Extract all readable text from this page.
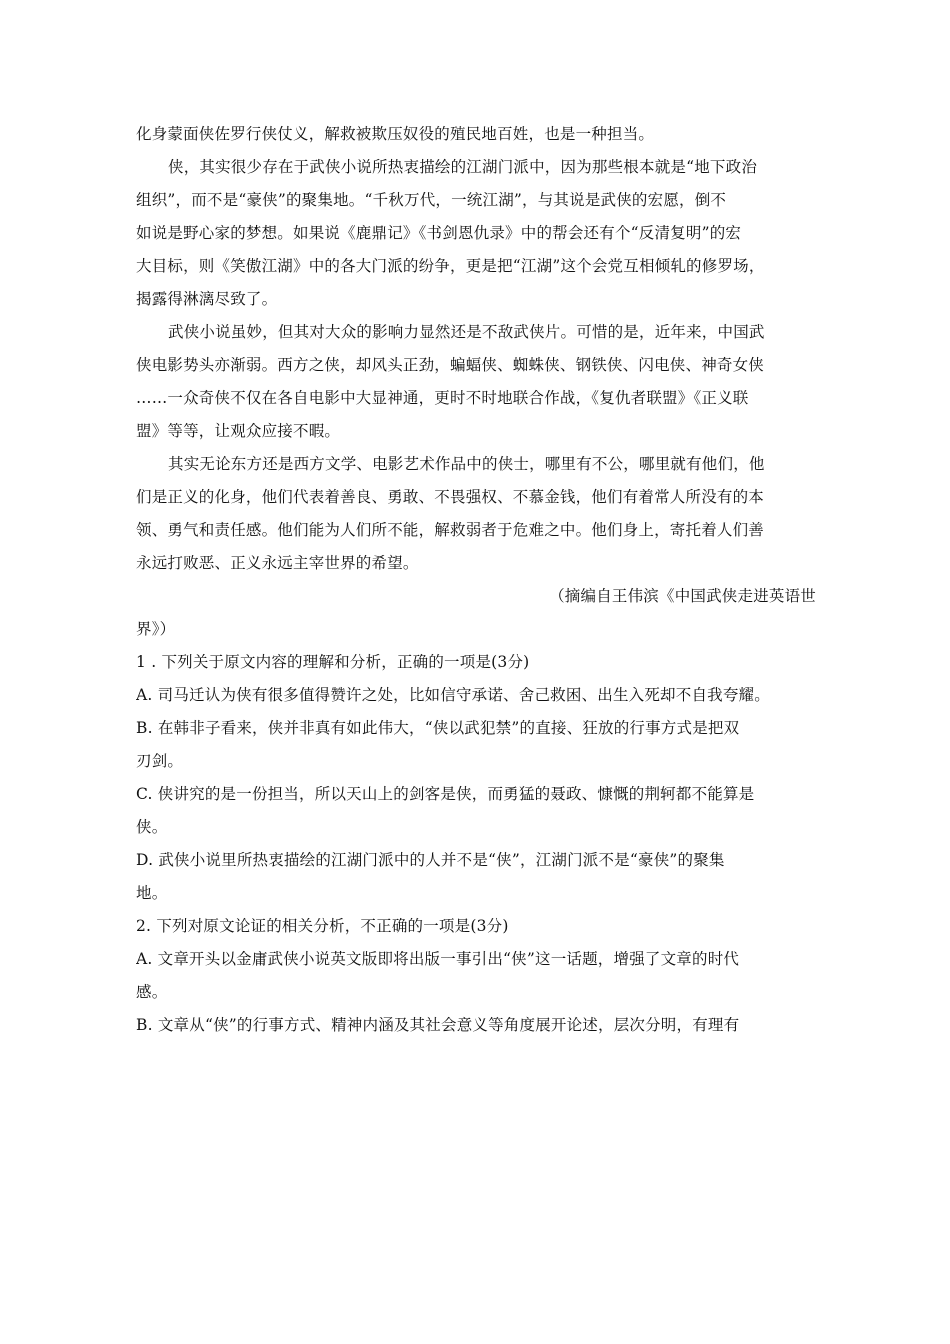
化身蒙面侠佐罗行侠仗义，解救被欺压奴役的殖民地百姓，也是一种担当。
侠，其实很少存在于武侠小说所热衷描绘的江湖门派中，因为那些根本就是“地下政治
组织”，而不是“豪侠”的聚集地。“千秋万代，一统江湖”，与其说是武侠的宏愿，倒不
如说是野心家的梦想。如果说《鹿鼎记》《书剑恩仇录》中的帮会还有个“反清复明”的宏
大目标，则《笑傲江湖》中的各大门派的纷争，更是把“江湖”这个会党互相倾轧的修罗场，
揭露得淋漓尽致了。
武侠小说虽妙，但其对大众的影响力显然还是不敌武侠片。可惜的是，近年来，中国武
侠电影势头亦渐弱。西方之侠，却风头正劲，蝙蝠侠、蜘蛛侠、钢铁侠、闪电侠、神奇女侠
……一众奇侠不仅在各自电影中大显神通，更时不时地联合作战，《复仇者联盟》《正义联
盟》等等，让观众应接不暇。
其实无论东方还是西方文学、电影艺术作品中的侠士，哪里有不公，哪里就有他们，他
们是正义的化身，他们代表着善良、勇敢、不畏强权、不慕金钱，他们有着常人所没有的本
领、勇气和责任感。他们能为人们所不能，解救弱者于危难之中。他们身上，寄托着人们善
永远打败恶、正义永远主宰世界的希望。
（摘编自王伟滨《中国武侠走进英语世
界》）
1 . 下列关于原文内容的理解和分析，正确的一项是(3分)
A. 司马迁认为侠有很多值得赞许之处，比如信守承诺、舍己救困、出生入死却不自我夸耀。
B. 在韩非子看来，侠并非真有如此伟大，“侠以武犯禁”的直接、狂放的行事方式是把双
刃剑。
C. 侠讲究的是一份担当，所以天山上的剑客是侠，而勇猛的聂政、慷慨的荆轲都不能算是
侠。
D. 武侠小说里所热衷描绘的江湖门派中的人并不是“侠”，江湖门派不是“豪侠”的聚集
地。
2. 下列对原文论证的相关分析，不正确的一项是(3分)
A. 文章开头以金庸武侠小说英文版即将出版一事引出“侠”这一话题，增强了文章的时代
感。
B. 文章从“侠”的行事方式、精神内涵及其社会意义等角度展开论述，层次分明，有理有
